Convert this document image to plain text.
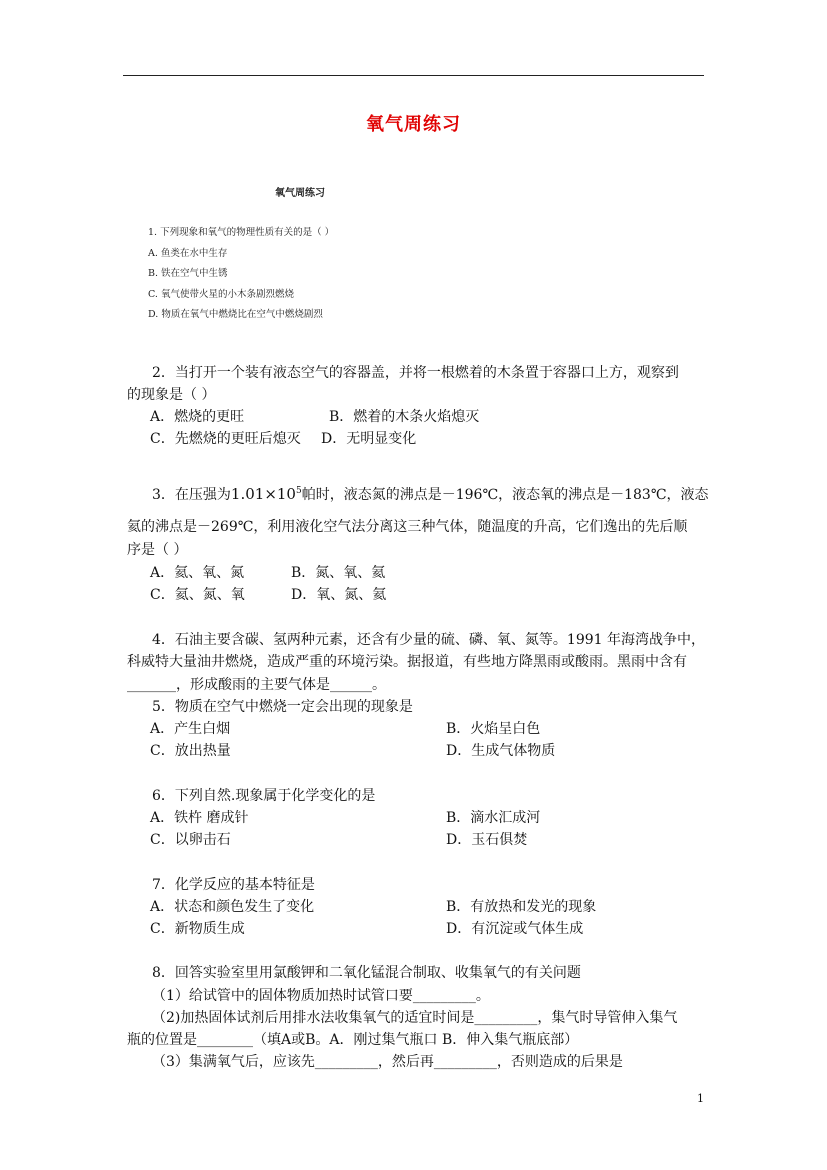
氧气周练习
氧气周练习
1. 下列现象和氧气的物理性质有关的是（ ）
A. 鱼类在水中生存
B. 铁在空气中生锈
C. 氧气使带火星的小木条剧烈燃烧
D. 物质在氧气中燃烧比在空气中燃烧剧烈
2．当打开一个装有液态空气的容器盖，并将一根燃着的木条置于容器口上方，观察到
的现象是（ ）
A．燃烧的更旺	B．燃着的木条火焰熄灭
C．先燃烧的更旺后熄灭 D．无明显变化
3．在压强为$1.01\times 10^5$帕时，液态氮的沸点是－196℃，液态氧的沸点是－183℃，液态
氦的沸点是－269℃，利用液化空气法分离这三种气体，随温度的升高，它们逸出的先后顺
序是（ ）
A．氦、氧、氮	B．氮、氧、氦
C．氦、氮、氧	D．氧、氮、氦
4．石油主要含碳、氢两种元素，还含有少量的硫、磷、氧、氮等。1991 年海湾战争中，
科威特大量油井燃烧，造成严重的环境污染。据报道，有些地方降黑雨或酸雨。黑雨中含有
_______，形成酸雨的主要气体是______。
5．物质在空气中燃烧一定会出现的现象是
A．产生白烟	B．火焰呈白色
C．放出热量	D．生成气体物质
6．下列自然.现象属于化学变化的是
A．铁杵 磨成针	B．滴水汇成河
C．以卵击石	D．玉石俱焚
7．化学反应的基本特征是
A．状态和颜色发生了变化	B．有放热和发光的现象
C．新物质生成	D．有沉淀或气体生成
8．回答实验室里用氯酸钾和二氧化锰混合制取、收集氧气的有关问题
（1）给试管中的固体物质加热时试管口要_________。
（2)加热固体试剂后用排水法收集氧气的适宜时间是_________，集气时导管伸入集气
瓶的位置是________（填A或B。A．刚过集气瓶口 B．伸入集气瓶底部）
（3）集满氧气后，应该先_________，然后再_________，否则造成的后果是
1
